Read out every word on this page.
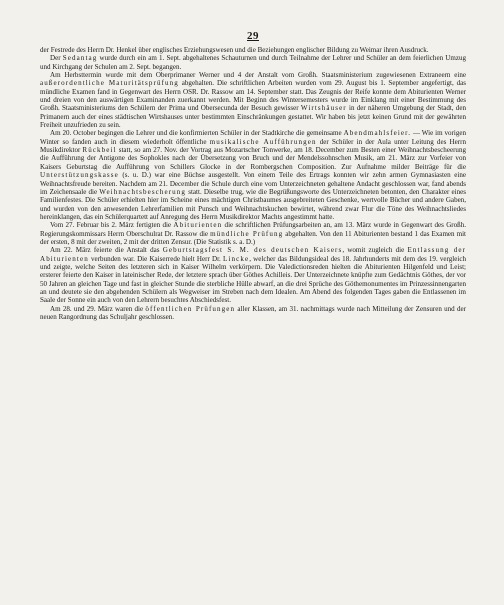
29

der Festrede des Herrn Dr. Henkel über englisches Erziehungswesen und die Beziehungen englischer Bildung zu Weimar ihren Ausdruck.

Der Sedantag wurde durch ein am 1. Sept. abgehaltenes Schauturnen und durch Teilnahme der Lehrer und Schüler an dem feierlichen Umzug und Kirchgang der Schulen am 2. Sept. begangen.

Am Herbsttermin wurde mit dem Oberprimaner Werner und 4 der Anstalt vom Großh. Staatsministerium zugewiesenen Extraneern eine außerordentliche Maturitätsprüfung abgehalten. Die schriftlichen Arbeiten wurden vom 29. August bis 1. September angefertigt, das mündliche Examen fand in Gegenwart des Herrn OSR. Dr. Rassow am 14. September statt. Das Zeugnis der Reife konnte dem Abiturienten Werner und dreien von den auswärtigen Examinanden zuerkannt werden. Mit Beginn des Wintersemesters wurde im Einklang mit einer Bestimmung des Großh. Staatsministeriums den Schülern der Prima und Obersecunda der Besuch gewisser Wirtshäuser in der näheren Umgebung der Stadt, den Primanern auch der eines städtischen Wirtshauses unter bestimmten Einschränkungen gestattet. Wir haben bis jetzt keinen Grund mit der gewährten Freiheit unzufrieden zu sein.

Am 20. October begingen die Lehrer und die konfirmierten Schüler in der Stadtkirche die gemeinsame Abendmahlsfeier. — Wie im vorigen Winter so fanden auch in diesem wiederholt öffentliche musikalische Aufführungen der Schüler in der Aula unter Leitung des Herrn Musikdirektor Rückbeil statt, so am 27. Nov. der Vortrag aus Mozartscher Tonwerke, am 18. December zum Besten einer Weihnachtsbescheerung die Aufführung der Antigone des Sophokles nach der Übersetzung von Bruch und der Mendelssohnschen Musik, am 21. März zur Vorfeier von Kaisers Geburtstag die Aufführung von Schillers Glocke in der Rombergschen Composition. Zur Aufnahme milder Beiträge für die Unterstützungskasse (s. u. D.) war eine Büchse ausgestellt. Von einem Teile des Ertrags konnten wir zehn armen Gymnasiasten eine Weihnachtsfreude bereiten. Nachdem am 21. December die Schule durch eine vom Unterzeichneten gehaltene Andacht geschlossen war, fand abends im Zeichensaale die Weihnachtsbescherung statt. Dieselbe trug, wie die Begrüßungsworte des Unterzeichneten betonten, den Charakter eines Familienfestes. Die Schüler erhielten hier im Scheine eines mächtigen Christbaumes ausgebreiteten Geschenke, wertvolle Bücher und andere Gaben, und wurden von den anwesenden Lehrerfamilien mit Punsch und Weihnachtskuchen bewirtet, während zwar Flur die Töne des Weihnachtsliedes hereinklangen, das ein Schülerquartett auf Anregung des Herrn Musikdirektor Machts angestimmt hatte.

Vom 27. Februar bis 2. März fertigten die Abiturienten die schriftlichen Prüfungsarbeiten an, am 13. März wurde in Gegenwart des Großh. Regierungskommissars Herrn Oberschulrat Dr. Rassow die mündliche Prüfung abgehalten. Von den 11 Abiturienten bestand 1 das Examen mit der ersten, 8 mit der zweiten, 2 mit der dritten Zensur. (Die Statistik s. a. D.)

Am 22. März feierte die Anstalt das Geburtstagsfest S. M. des deutschen Kaisers, womit zugleich die Entlassung der Abiturienten verbunden war. Die Kaiserrede hielt Herr Dr. Lincke, welcher das Bildungsideal des 18. Jahrhunderts mit dem des 19. vergleich und zeigte, welche Seiten des letzteren sich in Kaiser Wilhelm verkörpern. Die Valedictionsreden hielten die Abiturienten Hilgenfeld und Leist; ersterer feierte den Kaiser in lateinischer Rede, der letztere sprach über Göthes Achilleis. Der Unterzeichnete knüpfte zum Gedächtnis Göthes, der vor 50 Jahren an gleichen Tage und fast in gleicher Stunde die sterbliche Hülle abwarf, an die drei Sprüche des Göthemonumentes im Prinzessinnengarten an und deutete sie den abgehenden Schülern als Wegweiser im Streben nach dem Idealen. Am Abend des folgenden Tages gaben die Entlassenen im Saale der Sonne ein auch von den Lehrern besuchtes Abschiedsfest.

Am 28. und 29. März waren die öffentlichen Prüfungen aller Klassen, am 31. nachmittags wurde nach Mitteilung der Zensuren und der neuen Rangordnung das Schuljahr geschlossen.
